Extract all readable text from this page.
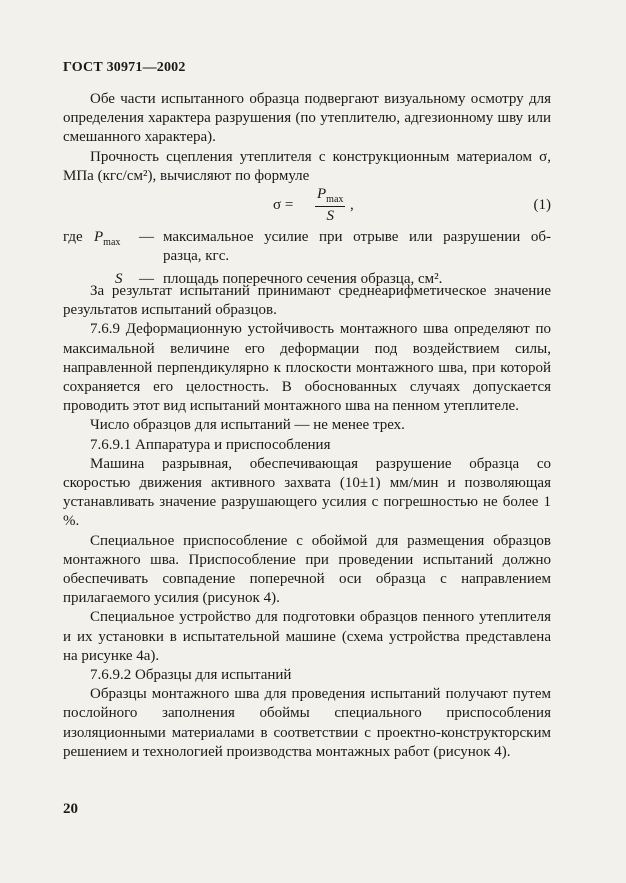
ГОСТ 30971—2002

Обе части испытанного образца подвергают визуальному осмотру для определения характера разрушения (по утеплителю, адгезионному шву или смешанного характера).

Прочность сцепления утеплителя с конструкционным материалом σ, МПа (кгс/см²), вычисляют по формуле

σ =
$P_{max}$
S
,	(1)
где $P_{max}$ — максимальное усилие при отрыве или разрушении об-
разца, кгс.
S — площадь поперечного сечения образца, см².

За результат испытаний принимают среднеарифметическое значение результатов испытаний образцов.

7.6.9 Деформационную устойчивость монтажного шва определяют по максимальной величине его деформации под воздействием силы, направленной перпендикулярно к плоскости монтажного шва, при которой сохраняется его целостность. В обоснованных случаях допускается проводить этот вид испытаний монтажного шва на пенном утеплителе.

Число образцов для испытаний — не менее трех.

7.6.9.1 Аппаратура и приспособления

Машина разрывная, обеспечивающая разрушение образца со скоростью движения активного захвата (10±1) мм/мин и позволяющая устанавливать значение разрушающего усилия с погрешностью не более 1 %.

Специальное приспособление с обоймой для размещения образцов монтажного шва. Приспособление при проведении испытаний должно обеспечивать совпадение поперечной оси образца с направлением прилагаемого усилия (рисунок 4).

Специальное устройство для подготовки образцов пенного утеплителя и их установки в испытательной машине (схема устройства представлена на рисунке 4а).

7.6.9.2 Образцы для испытаний

Образцы монтажного шва для проведения испытаний получают путем послойного заполнения обоймы специального приспособления изоляционными материалами в соответствии с проектно-конструкторским решением и технологией производства монтажных работ (рисунок 4).

20
